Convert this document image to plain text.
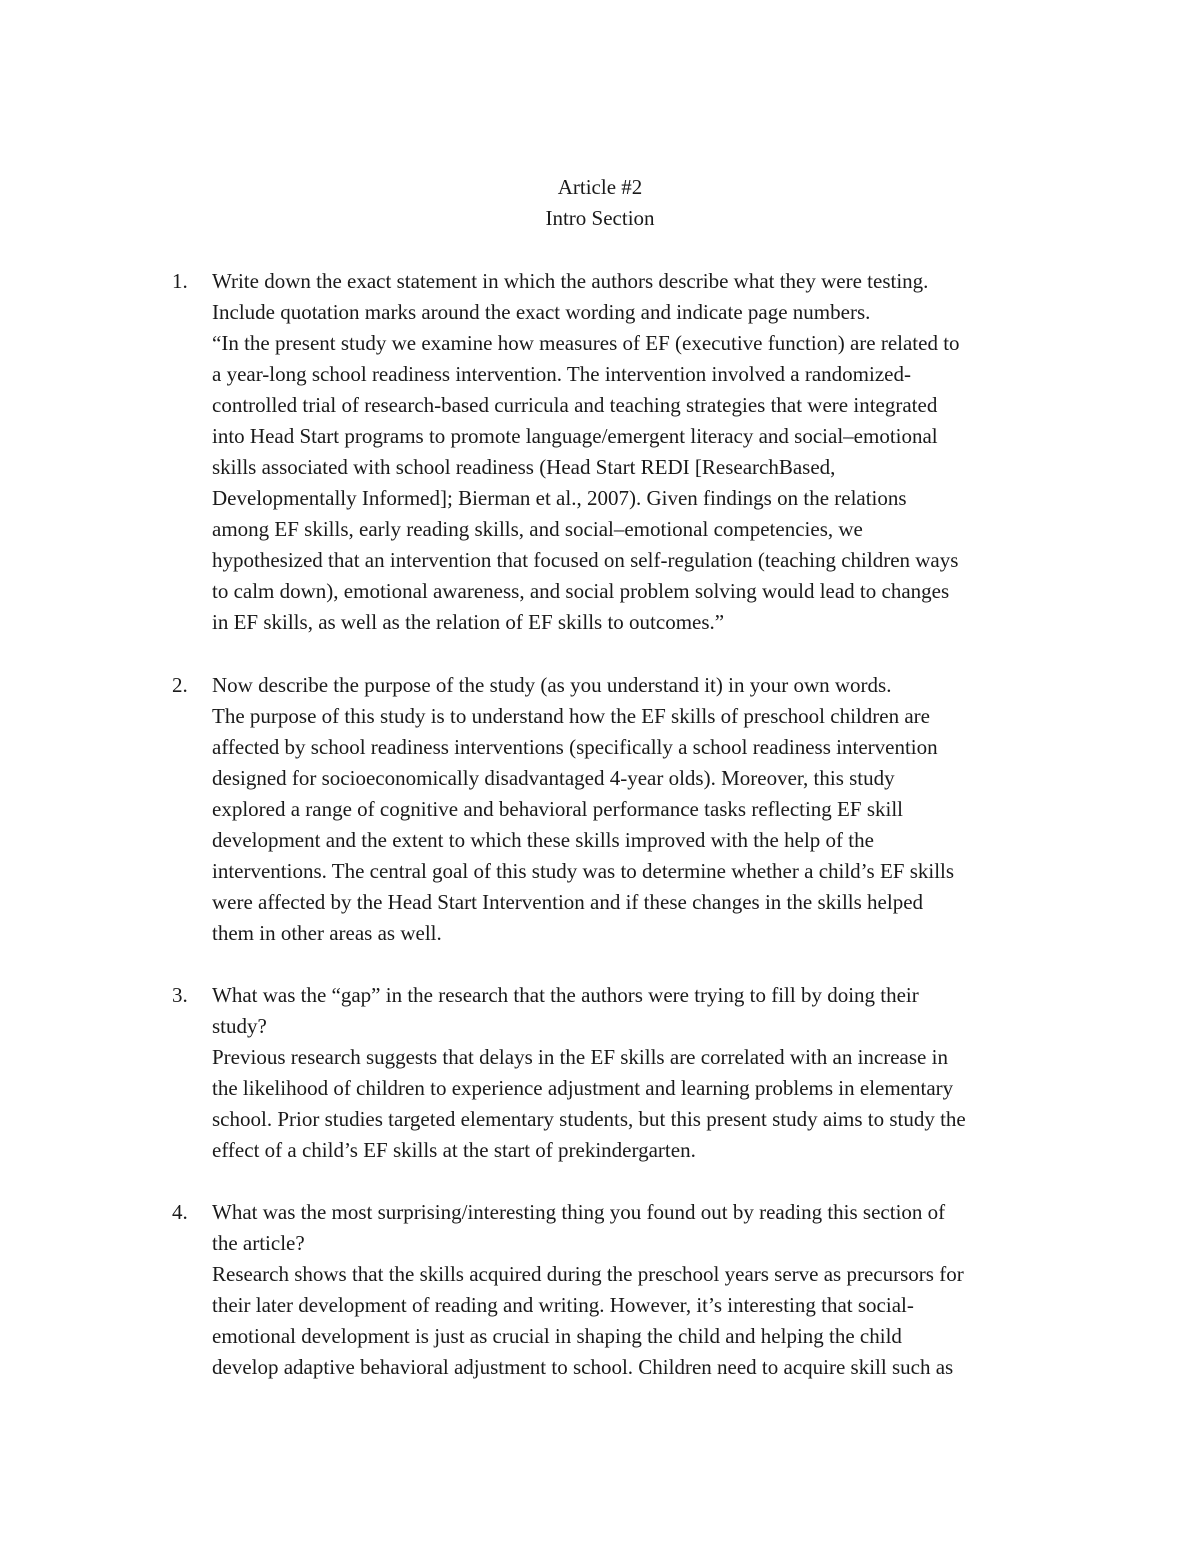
Article #2
Intro Section
1.	Write down the exact statement in which the authors describe what they were testing.
Include quotation marks around the exact wording and indicate page numbers.
“In the present study we examine how measures of EF (executive function) are related to
a year-long school readiness intervention. The intervention involved a randomized-
controlled trial of research-based curricula and teaching strategies that were integrated
into Head Start programs to promote language/emergent literacy and social–emotional
skills associated with school readiness (Head Start REDI [ResearchBased,
Developmentally Informed]; Bierman et al., 2007). Given findings on the relations
among EF skills, early reading skills, and social–emotional competencies, we
hypothesized that an intervention that focused on self-regulation (teaching children ways
to calm down), emotional awareness, and social problem solving would lead to changes
in EF skills, as well as the relation of EF skills to outcomes.”
2.	Now describe the purpose of the study (as you understand it) in your own words.
The purpose of this study is to understand how the EF skills of preschool children are
affected by school readiness interventions (specifically a school readiness intervention
designed for socioeconomically disadvantaged 4-year olds). Moreover, this study
explored a range of cognitive and behavioral performance tasks reflecting EF skill
development and the extent to which these skills improved with the help of the
interventions. The central goal of this study was to determine whether a child’s EF skills
were affected by the Head Start Intervention and if these changes in the skills helped
them in other areas as well.
3.	What was the “gap” in the research that the authors were trying to fill by doing their
study?
Previous research suggests that delays in the EF skills are correlated with an increase in
the likelihood of children to experience adjustment and learning problems in elementary
school. Prior studies targeted elementary students, but this present study aims to study the
effect of a child’s EF skills at the start of prekindergarten.
4.	What was the most surprising/interesting thing you found out by reading this section of
the article?
Research shows that the skills acquired during the preschool years serve as precursors for
their later development of reading and writing. However, it’s interesting that social-
emotional development is just as crucial in shaping the child and helping the child
develop adaptive behavioral adjustment to school. Children need to acquire skill such as
